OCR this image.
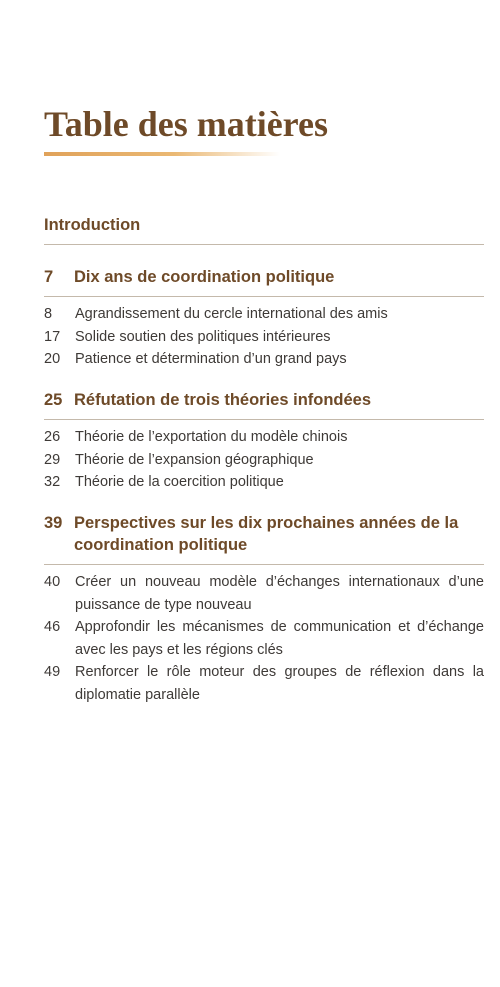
Table des matières
Introduction
7	Dix ans de coordination politique
8	Agrandissement du cercle international des amis
17	Solide soutien des politiques intérieures
20	Patience et détermination d’un grand pays
25 Réfutation de trois théories infondées
26	Théorie de l’exportation du modèle chinois
29	Théorie de l’expansion géographique
32	Théorie de la coercition politique
39 Perspectives sur les dix prochaines années de la coordination politique
40	Créer un nouveau modèle d’échanges internationaux d’une puissance de type nouveau
46	Approfondir les mécanismes de communication et d’échange avec les pays et les régions clés
49	Renforcer le rôle moteur des groupes de réflexion dans la diplomatie parallèle
